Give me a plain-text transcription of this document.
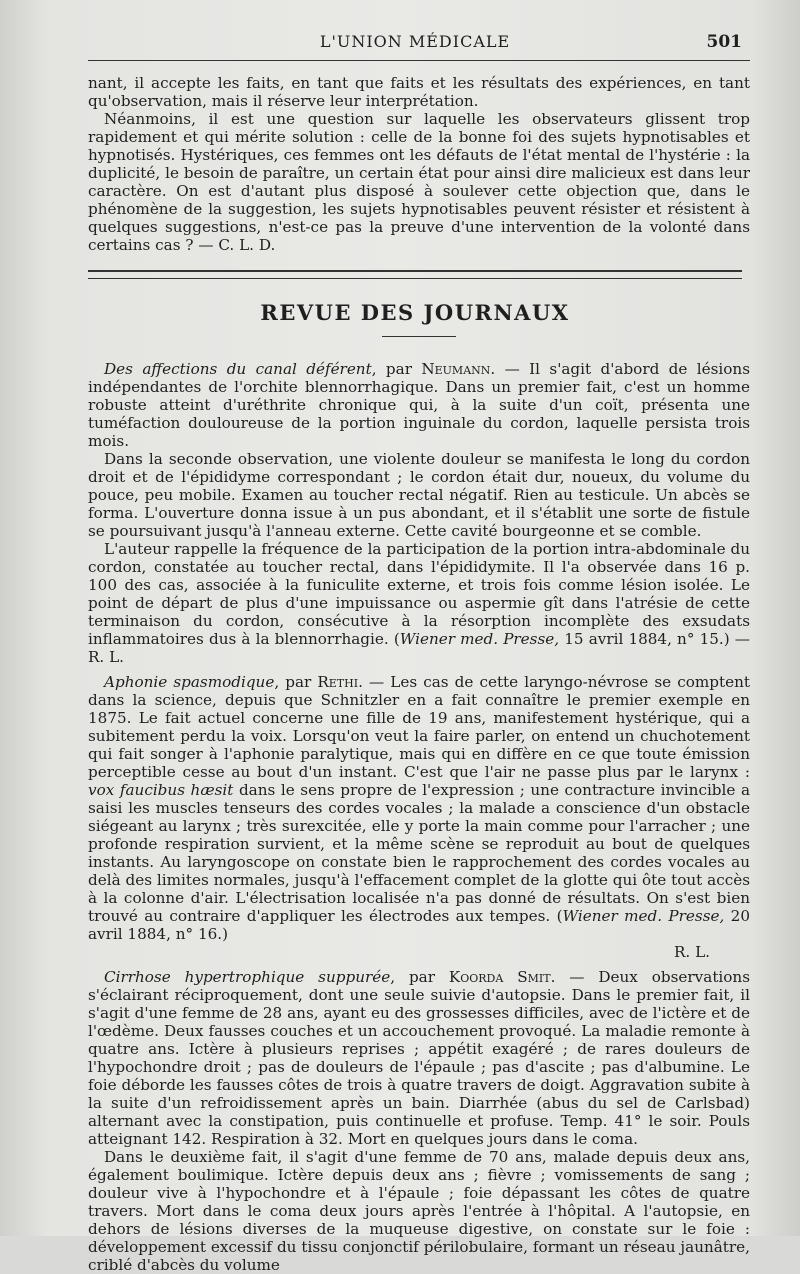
L'UNION MÉDICALE	501

nant, il accepte les faits, en tant que faits et les résultats des expériences, en tant qu'observation, mais il réserve leur interprétation.

Néanmoins, il est une question sur laquelle les observateurs glissent trop rapidement et qui mérite solution : celle de la bonne foi des sujets hypnotisables et hypnotisés. Hystériques, ces femmes ont les défauts de l'état mental de l'hystérie : la duplicité, le besoin de paraître, un certain état pour ainsi dire malicieux est dans leur caractère. On est d'autant plus disposé à soulever cette objection que, dans le phénomène de la suggestion, les sujets hypnotisables peuvent résister et résistent à quelques suggestions, n'est-ce pas la preuve d'une intervention de la volonté dans certains cas ? — C. L. D.

REVUE DES JOURNAUX

Des affections du canal déférent, par Neumann. — Il s'agit d'abord de lésions indépendantes de l'orchite blennorrhagique. Dans un premier fait, c'est un homme robuste atteint d'uréthrite chronique qui, à la suite d'un coït, présenta une tuméfaction douloureuse de la portion inguinale du cordon, laquelle persista trois mois.

Dans la seconde observation, une violente douleur se manifesta le long du cordon droit et de l'épididyme correspondant ; le cordon était dur, noueux, du volume du pouce, peu mobile. Examen au toucher rectal négatif. Rien au testicule. Un abcès se forma. L'ouverture donna issue à un pus abondant, et il s'établit une sorte de fistule se poursuivant jusqu'à l'anneau externe. Cette cavité bourgeonne et se comble.

L'auteur rappelle la fréquence de la participation de la portion intra-abdominale du cordon, constatée au toucher rectal, dans l'épididymite. Il l'a observée dans 16 p. 100 des cas, associée à la funiculite externe, et trois fois comme lésion isolée. Le point de départ de plus d'une impuissance ou aspermie gît dans l'atrésie de cette terminaison du cordon, consécutive à la résorption incomplète des exsudats inflammatoires dus à la blennorrhagie. (Wiener med. Presse, 15 avril 1884, n° 15.) — R. L.

Aphonie spasmodique, par Rethi. — Les cas de cette laryngo-névrose se comptent dans la science, depuis que Schnitzler en a fait connaître le premier exemple en 1875. Le fait actuel concerne une fille de 19 ans, manifestement hystérique, qui a subitement perdu la voix. Lorsqu'on veut la faire parler, on entend un chuchotement qui fait songer à l'aphonie paralytique, mais qui en diffère en ce que toute émission perceptible cesse au bout d'un instant. C'est que l'air ne passe plus par le larynx : vox faucibus hæsit dans le sens propre de l'expression ; une contracture invincible a saisi les muscles tenseurs des cordes vocales ; la malade a conscience d'un obstacle siégeant au larynx ; très surexcitée, elle y porte la main comme pour l'arracher ; une profonde respiration survient, et la même scène se reproduit au bout de quelques instants. Au laryngoscope on constate bien le rapprochement des cordes vocales au delà des limites normales, jusqu'à l'effacement complet de la glotte qui ôte tout accès à la colonne d'air. L'électrisation localisée n'a pas donné de résultats. On s'est bien trouvé au contraire d'appliquer les électrodes aux tempes. (Wiener med. Presse, 20 avril 1884, n° 16.)

R. L.

Cirrhose hypertrophique suppurée, par Koorda Smit. — Deux observations s'éclairant réciproquement, dont une seule suivie d'autopsie. Dans le premier fait, il s'agit d'une femme de 28 ans, ayant eu des grossesses difficiles, avec de l'ictère et de l'œdème. Deux fausses couches et un accouchement provoqué. La maladie remonte à quatre ans. Ictère à plusieurs reprises ; appétit exagéré ; de rares douleurs de l'hypochondre droit ; pas de douleurs de l'épaule ; pas d'ascite ; pas d'albumine. Le foie déborde les fausses côtes de trois à quatre travers de doigt. Aggravation subite à la suite d'un refroidissement après un bain. Diarrhée (abus du sel de Carlsbad) alternant avec la constipation, puis continuelle et profuse. Temp. 41° le soir. Pouls atteignant 142. Respiration à 32. Mort en quelques jours dans le coma.

Dans le deuxième fait, il s'agit d'une femme de 70 ans, malade depuis deux ans, également boulimique. Ictère depuis deux ans ; fièvre ; vomissements de sang ; douleur vive à l'hypochondre et à l'épaule ; foie dépassant les côtes de quatre travers. Mort dans le coma deux jours après l'entrée à l'hôpital. A l'autopsie, en dehors de lésions diverses de la muqueuse digestive, on constate sur le foie : développement excessif du tissu conjonctif périlobulaire, formant un réseau jaunâtre, criblé d'abcès du volume
